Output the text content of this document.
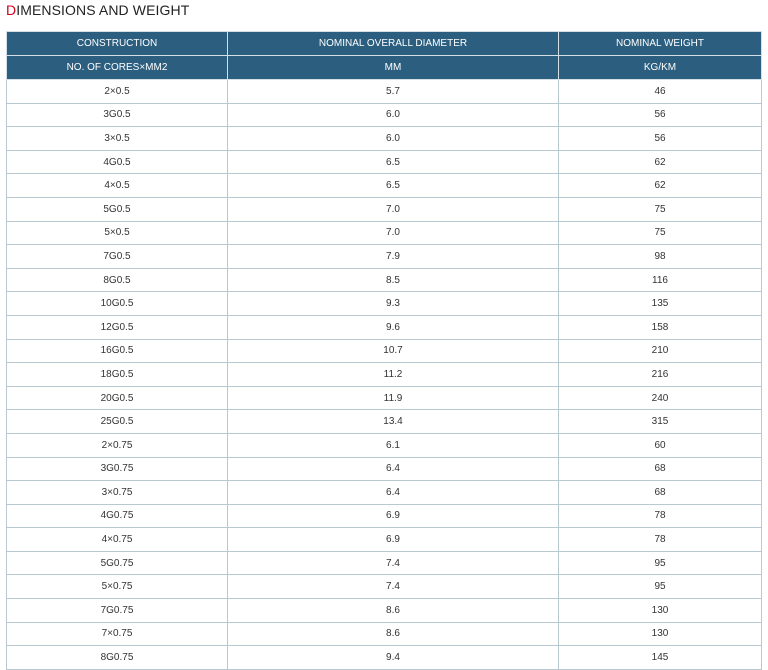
DIMENSIONS AND WEIGHT
CONSTRUCTION	NOMINAL OVERALL DIAMETER	NOMINAL WEIGHT
NO. OF CORES×MM2	MM	KG/KM
2×0.5	5.7	46
3G0.5	6.0	56
3×0.5	6.0	56
4G0.5	6.5	62
4×0.5	6.5	62
5G0.5	7.0	75
5×0.5	7.0	75
7G0.5	7.9	98
8G0.5	8.5	116
10G0.5	9.3	135
12G0.5	9.6	158
16G0.5	10.7	210
18G0.5	11.2	216
20G0.5	11.9	240
25G0.5	13.4	315
2×0.75	6.1	60
3G0.75	6.4	68
3×0.75	6.4	68
4G0.75	6.9	78
4×0.75	6.9	78
5G0.75	7.4	95
5×0.75	7.4	95
7G0.75	8.6	130
7×0.75	8.6	130
8G0.75	9.4	145
